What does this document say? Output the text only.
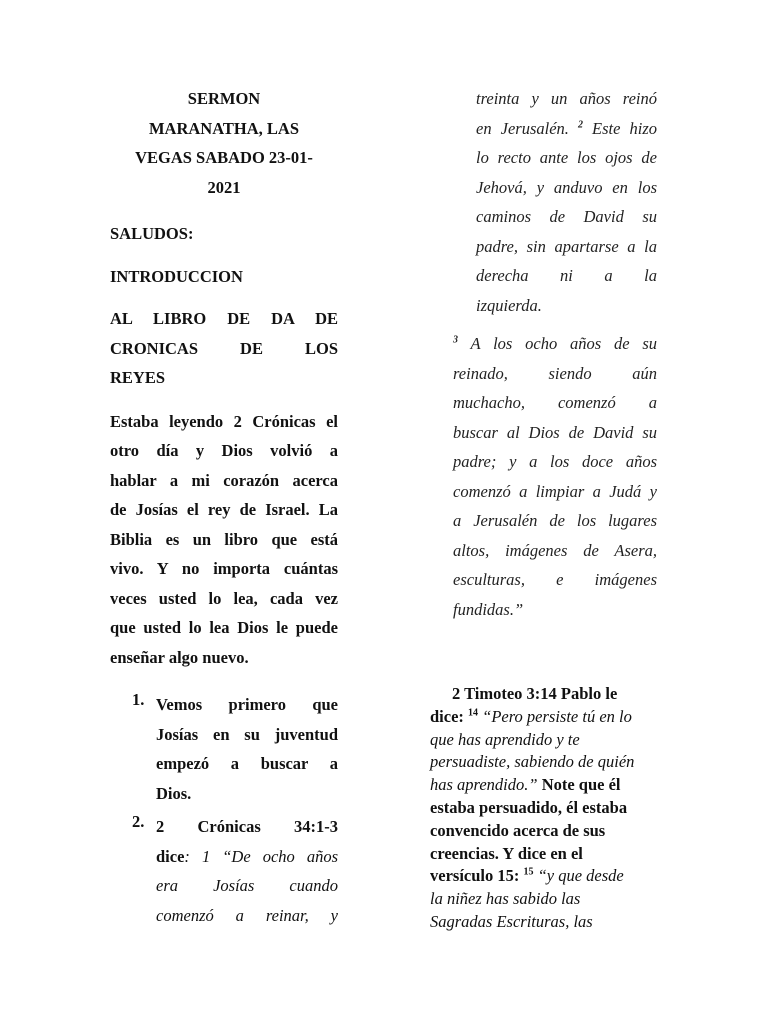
SERMON
MARANATHA, LAS
VEGAS SABADO 23-01-
2021
SALUDOS:
INTRODUCCION
AL LIBRO DE DA DE
CRONICAS DE LOS
REYES
Estaba leyendo 2 Crónicas el
otro día y Dios volvió a
hablar a mi corazón acerca
de Josías el rey de Israel. La
Biblia es un libro que está
vivo. Y no importa cuántas
veces usted lo lea, cada vez
que usted lo lea Dios le puede
enseñar algo nuevo.
1. Vemos primero que
Josías en su juventud
empezó a buscar a
Dios.
2. 2 Crónicas 34:1-3
dice: 1 “De ocho años
era Josías cuando
comenzó a reinar, y
treinta y un años reinó
en Jerusalén. $^2$ Este hizo
lo recto ante los ojos de
Jehová, y anduvo en los
caminos de David su
padre, sin apartarse a la
derecha ni a la
izquierda.
$^3$ A los ocho años de su
reinado, siendo aún
muchacho, comenzó a
buscar al Dios de David su
padre; y a los doce años
comenzó a limpiar a Judá y
a Jerusalén de los lugares
altos, imágenes de Asera,
esculturas, e imágenes
fundidas.”
2 Timoteo 3:14 Pablo le
dice: $^{14}$ “Pero persiste tú en lo
que has aprendido y te
persuadiste, sabiendo de quién
has aprendido.” Note que él
estaba persuadido, él estaba
convencido acerca de sus
creencias. Y dice en el
versículo 15: $^{15}$ “y que desde
la niñez has sabido las
Sagradas Escrituras, las
